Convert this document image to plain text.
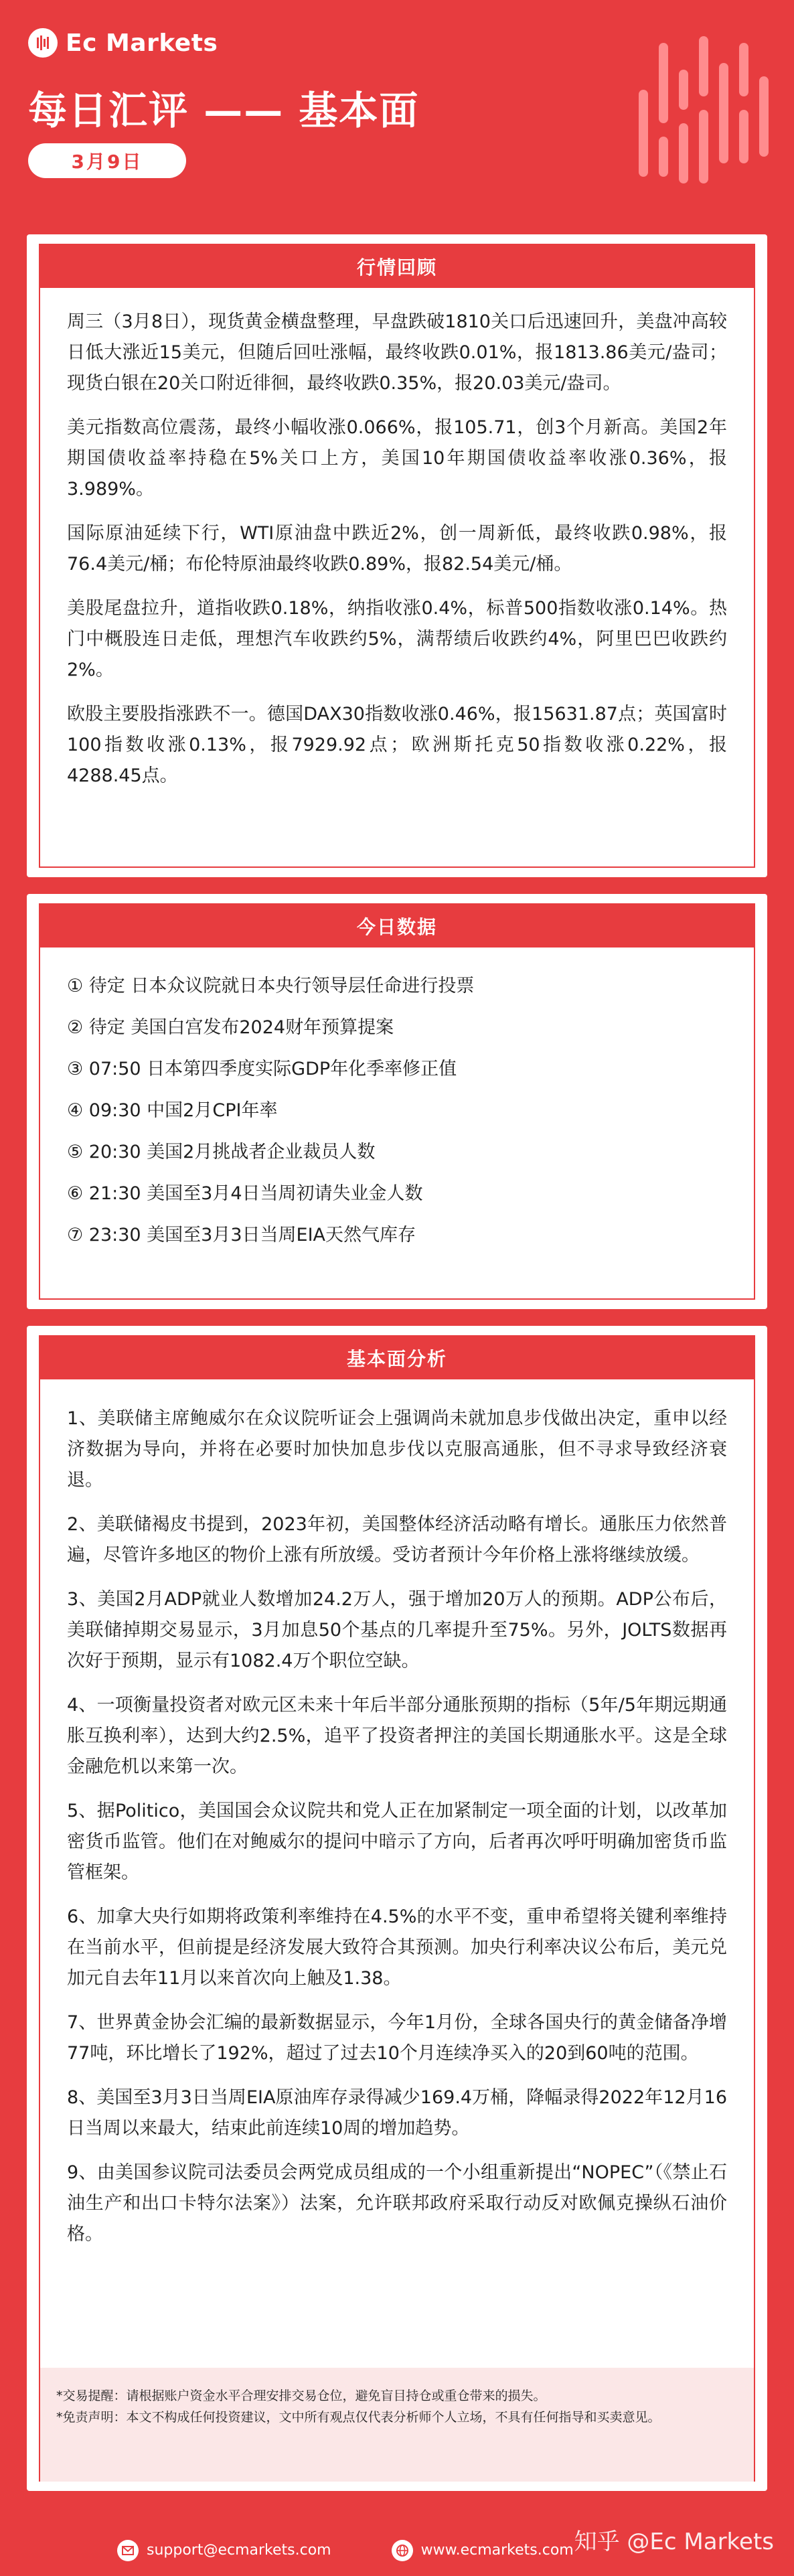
Ec Markets
每日汇评 —— 基本面
3月9日
行情回顾

周三（3月8日），现货黄金横盘整理，早盘跌破1810关口后迅速回升，美盘冲高较日低大涨近15美元，但随后回吐涨幅，最终收跌0.01%，报1813.86美元/盎司；现货白银在20关口附近徘徊，最终收跌0.35%，报20.03美元/盎司。

美元指数高位震荡，最终小幅收涨0.066%，报105.71，创3个月新高。美国2年期国债收益率持稳在5%关口上方，美国10年期国债收益率收涨0.36%，报3.989%。

国际原油延续下行，WTI原油盘中跌近2%，创一周新低，最终收跌0.98%，报76.4美元/桶；布伦特原油最终收跌0.89%，报82.54美元/桶。

美股尾盘拉升，道指收跌0.18%，纳指收涨0.4%，标普500指数收涨0.14%。热门中概股连日走低，理想汽车收跌约5%，满帮绩后收跌约4%，阿里巴巴收跌约2%。

欧股主要股指涨跌不一。德国DAX30指数收涨0.46%，报15631.87点；英国富时100指数收涨0.13%，报7929.92点；欧洲斯托克50指数收涨0.22%，报4288.45点。

今日数据
① 待定 日本众议院就日本央行领导层任命进行投票
② 待定 美国白宫发布2024财年预算提案
③ 07:50 日本第四季度实际GDP年化季率修正值
④ 09:30 中国2月CPI年率
⑤ 20:30 美国2月挑战者企业裁员人数
⑥ 21:30 美国至3月4日当周初请失业金人数
⑦ 23:30 美国至3月3日当周EIA天然气库存
基本面分析

1、美联储主席鲍威尔在众议院听证会上强调尚未就加息步伐做出决定，重申以经济数据为导向，并将在必要时加快加息步伐以克服高通胀，但不寻求导致经济衰退。

2、美联储褐皮书提到，2023年初，美国整体经济活动略有增长。通胀压力依然普遍，尽管许多地区的物价上涨有所放缓。受访者预计今年价格上涨将继续放缓。

3、美国2月ADP就业人数增加24.2万人，强于增加20万人的预期。ADP公布后，美联储掉期交易显示，3月加息50个基点的几率提升至75%。另外，JOLTS数据再次好于预期，显示有1082.4万个职位空缺。

4、一项衡量投资者对欧元区未来十年后半部分通胀预期的指标（5年/5年期远期通胀互换利率），达到大约2.5%，追平了投资者押注的美国长期通胀水平。这是全球金融危机以来第一次。

5、据Politico，美国国会众议院共和党人正在加紧制定一项全面的计划，以改革加密货币监管。他们在对鲍威尔的提问中暗示了方向，后者再次呼吁明确加密货币监管框架。

6、加拿大央行如期将政策利率维持在4.5%的水平不变，重申希望将关键利率维持在当前水平，但前提是经济发展大致符合其预测。加央行利率决议公布后，美元兑加元自去年11月以来首次向上触及1.38。

7、世界黄金协会汇编的最新数据显示，今年1月份，全球各国央行的黄金储备净增77吨，环比增长了192%，超过了过去10个月连续净买入的20到60吨的范围。

8、美国至3月3日当周EIA原油库存录得减少169.4万桶，降幅录得2022年12月16日当周以来最大，结束此前连续10周的增加趋势。

9、由美国参议院司法委员会两党成员组成的一个小组重新提出“NOPEC”（《禁止石油生产和出口卡特尔法案》）法案，允许联邦政府采取行动反对欧佩克操纵石油价格。

*交易提醒：请根据账户资金水平合理安排交易仓位，避免盲目持仓或重仓带来的损失。
*免责声明：本文不构成任何投资建议，文中所有观点仅代表分析师个人立场，不具有任何指导和买卖意见。
support@ecmarkets.com	www.ecmarkets.com 知乎 @Ec Markets
